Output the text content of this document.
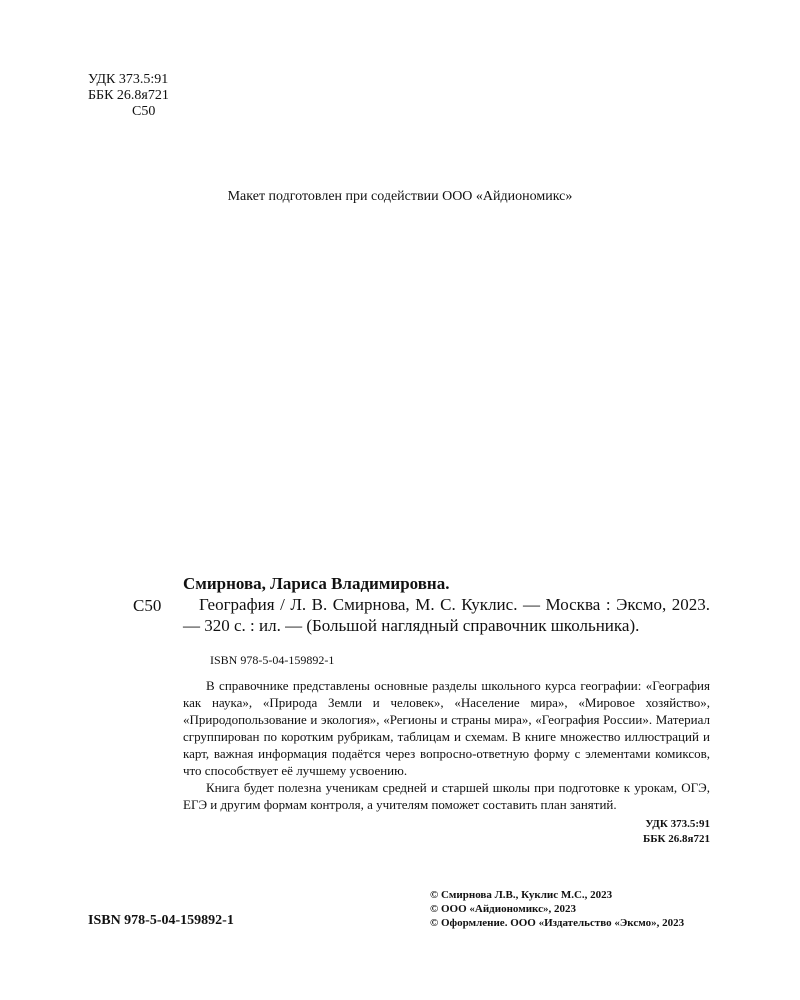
УДК 373.5:91
ББК 26.8я721
С50

Макет подготовлен при содействии ООО «Айдиономикс»

С50

Смирнова, Лариса Владимировна.

География / Л. В. Смирнова, М. С. Куклис. — Москва : Эксмо, 2023. — 320 с. : ил. — (Большой наглядный справочник школьника).

ISBN 978-5-04-159892-1

В справочнике представлены основные разделы школьного курса географии: «География как наука», «Природа Земли и человек», «Население мира», «Мировое хозяйство», «Природопользование и экология», «Регионы и страны мира», «География России». Материал сгруппирован по коротким рубрикам, таблицам и схемам. В книге множество иллюстраций и карт, важная информация подаётся через вопросно-ответную форму с элементами комиксов, что способствует её лучшему усвоению.

Книга будет полезна ученикам средней и старшей школы при подготовке к урокам, ОГЭ, ЕГЭ и другим формам контроля, а учителям поможет составить план занятий.

УДК 373.5:91
ББК 26.8я721

ISBN 978-5-04-159892-1

© Смирнова Л.В., Куклис М.С., 2023
© ООО «Айдиономикс», 2023
© Оформление. ООО «Издательство «Эксмо», 2023
